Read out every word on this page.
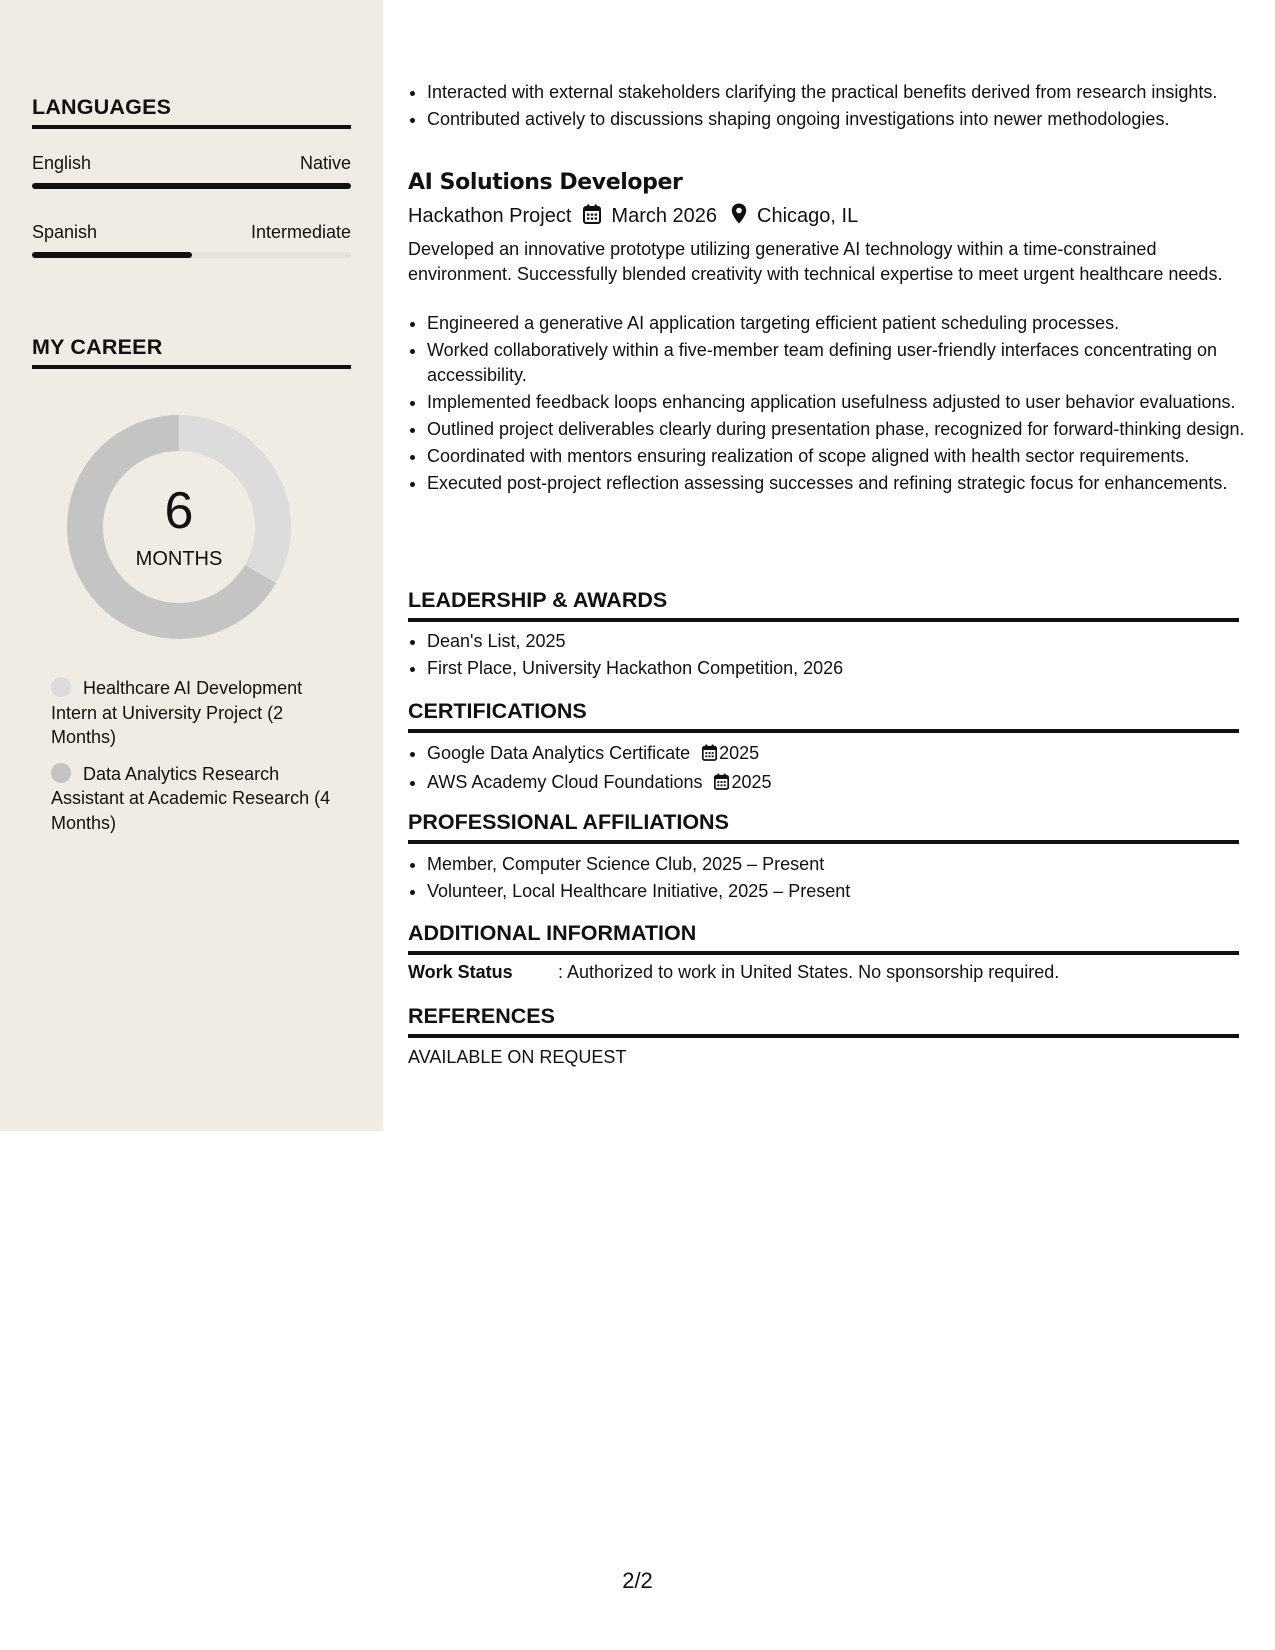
LANGUAGES
English	Native
Spanish	Intermediate
MY CAREER
6
MONTHS
Healthcare AI Development Intern at University Project (2 Months)
Data Analytics Research Assistant at Academic Research (4 Months)
• Interacted with external stakeholders clarifying the practical benefits derived from research insights.
• Contributed actively to discussions shaping ongoing investigations into newer methodologies.
AI Solutions Developer
Hackathon Project March 2026 Chicago, IL
Developed an innovative prototype utilizing generative AI technology within a time-constrained environment. Successfully blended creativity with technical expertise to meet urgent healthcare needs.
• Engineered a generative AI application targeting efficient patient scheduling processes.
• Worked collaboratively within a five-member team defining user-friendly interfaces concentrating on accessibility.
• Implemented feedback loops enhancing application usefulness adjusted to user behavior evaluations.
• Outlined project deliverables clearly during presentation phase, recognized for forward-thinking design.
• Coordinated with mentors ensuring realization of scope aligned with health sector requirements.
• Executed post-project reflection assessing successes and refining strategic focus for enhancements.
LEADERSHIP & AWARDS
• Dean's List, 2025
• First Place, University Hackathon Competition, 2026
CERTIFICATIONS
• Google Data Analytics Certificate 2025
• AWS Academy Cloud Foundations 2025
PROFESSIONAL AFFILIATIONS
• Member, Computer Science Club, 2025 – Present
• Volunteer, Local Healthcare Initiative, 2025 – Present
ADDITIONAL INFORMATION
Work Status	: Authorized to work in United States. No sponsorship required.
REFERENCES
AVAILABLE ON REQUEST
2/2
